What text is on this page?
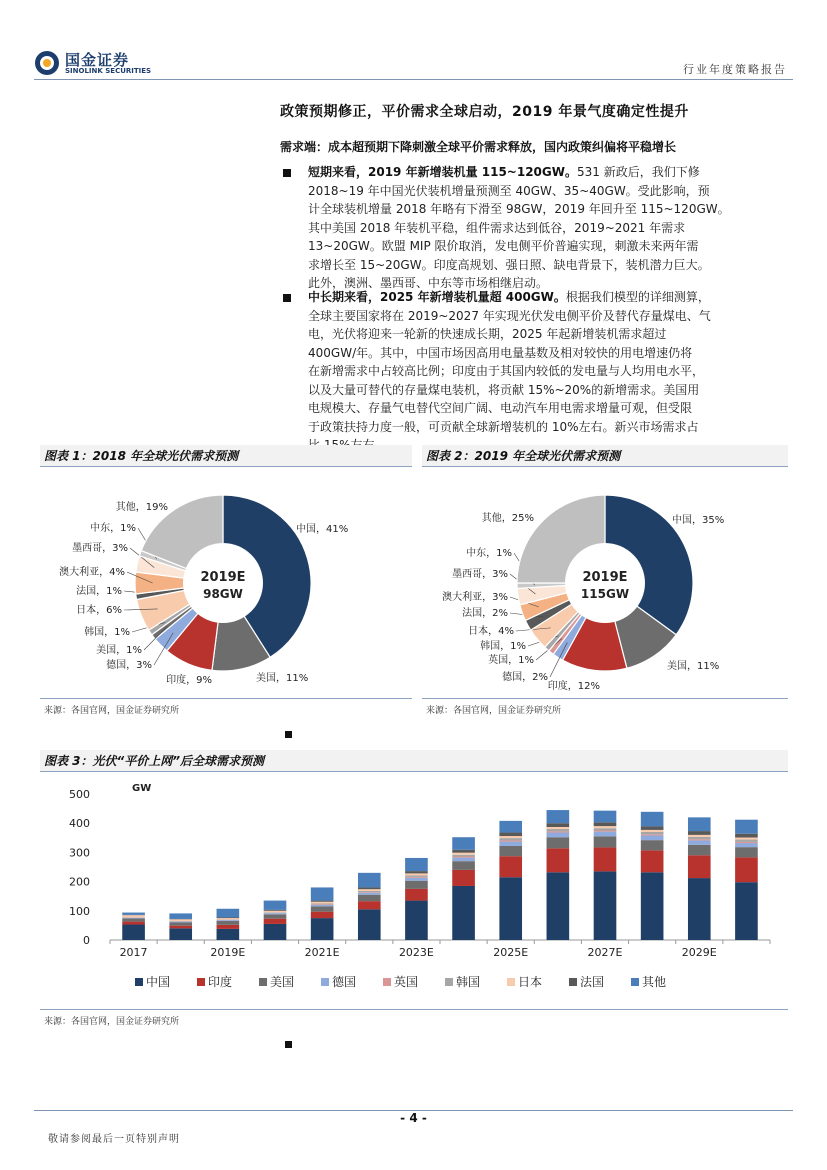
国金证券
SINOLINK SECURITIES	行业年度策略报告
政策预期修正，平价需求全球启动，2019 年景气度确定性提升
需求端：成本超预期下降刺激全球平价需求释放，国内政策纠偏将平稳增长
短期来看，2019 年新增装机量 115~120GW。531 新政后，我们下修
2018~19 年中国光伏装机增量预测至 40GW、35~40GW。受此影响，预
计全球装机增量 2018 年略有下滑至 98GW，2019 年回升至 115~120GW。
其中美国 2018 年装机平稳，组件需求达到低谷，2019~2021 年需求
13~20GW。欧盟 MIP 限价取消，发电侧平价普遍实现，刺激未来两年需
求增长至 15~20GW。印度高规划、强日照、缺电背景下，装机潜力巨大。
此外，澳洲、墨西哥、中东等市场相继启动。
中长期来看，2025 年新增装机量超 400GW。根据我们模型的详细测算，
全球主要国家将在 2019~2027 年实现光伏发电侧平价及替代存量煤电、气
电，光伏将迎来一轮新的快速成长期，2025 年起新增装机需求超过
400GW/年。其中，中国市场因高用电量基数及相对较快的用电增速仍将
在新增需求中占较高比例；印度由于其国内较低的发电量与人均用电水平，
以及大量可替代的存量煤电装机，将贡献 15%~20%的新增需求。美国用
电规模大、存量气电替代空间广阔、电动汽车用电需求增量可观，但受限
于政策扶持力度一般，可贡献全球新增装机的 10%左右。新兴市场需求占
图表 1：2018 年全球光伏需求预测	图表 2：2019 年全球光伏需求预测
中国，41%
美国，11%
印度，9%
德国，3%
美国，1%
韩国，1%
日本，6%
法国，1%
澳大利亚，4%
墨西哥，3%
中东，1%
其他，19%
2019E
98GW
中国，35%
美国，11%
印度，12%
德国，2%
英国，1%
韩国，1%
日本，4%
法国，2%
澳大利亚，3%
墨西哥，3%
中东，1%
其他，25%
2019E
115GW
来源：各国官网，国金证券研究所	来源：各国官网，国金证券研究所
图表 3：光伏“平价上网”后全球需求预测
0
100
200
300
400
500	GW
2017	2019E	2021E	2023E	2025E	2027E	2029E
中国	印度	美国	德国	英国	韩国	日本	法国	其他
来源：各国官网，国金证券研究所
- 4 -
敬请参阅最后一页特别声明
